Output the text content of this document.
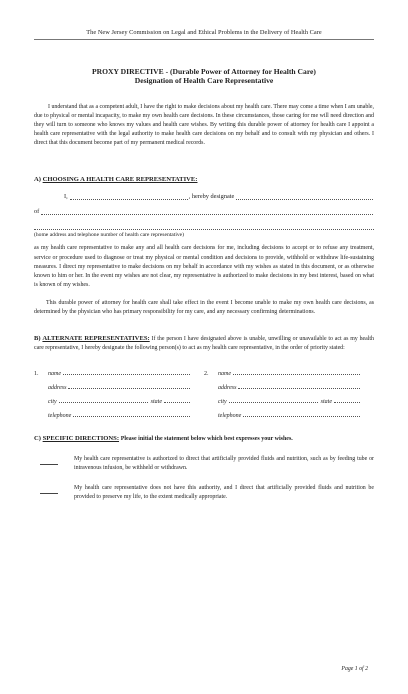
The New Jersey Commission on Legal and Ethical Problems in the Delivery of Health Care
PROXY DIRECTIVE - (Durable Power of Attorney for Health Care)
Designation of Health Care Representative

I understand that as a competent adult, I have the right to make decisions about my health care. There may come a time when I am unable, due to physical or mental incapacity, to make my own health care decisions. In these circumstances, those caring for me will need direction and they will turn to someone who knows my values and health care wishes. By writing this durable power of attorney for health care I appoint a health care representative with the legal authority to make health care decisions on my behalf and to consult with my physician and others. I direct that this document become part of my permanent medical records.

A) CHOOSING A HEALTH CARE REPRESENTATIVE:
I,	, hereby designate
of
(home address and telephone number of health care representative)

as my health care representative to make any and all health care decisions for me, including decisions to accept or to refuse any treatment, service or procedure used to diagnose or treat my physical or mental condition and decisions to provide, withhold or withdraw life-sustaining measures. I direct my representative to make decisions on my behalf in accordance with my wishes as stated in this document, or as otherwise known to him or her. In the event my wishes are not clear, my representative is authorized to make decisions in my best interest, based on what is known of my wishes.

This durable power of attorney for health care shall take effect in the event I become unable to make my own health care decisions, as determined by the physician who has primary responsibility for my care, and any necessary confirming determinations.

B) ALTERNATE REPRESENTATIVES: If the person I have designated above is unable, unwilling or unavailable to act as my health care representative, I hereby designate the following person(s) to act as my health care representative, in the order of priority stated:
1.	name
address
city	state
telephone
2.	name
address
city	state
telephone
C) SPECIFIC DIRECTIONS: Please initial the statement below which best expresses your wishes.

My health care representative is authorized to direct that artificially provided fluids and nutrition, such as by feeding tube or intravenous infusion, be withheld or withdrawn.

My health care representative does not have this authority, and I direct that artificially provided fluids and nutrition be provided to preserve my life, to the extent medically appropriate.

Page 1 of 2
